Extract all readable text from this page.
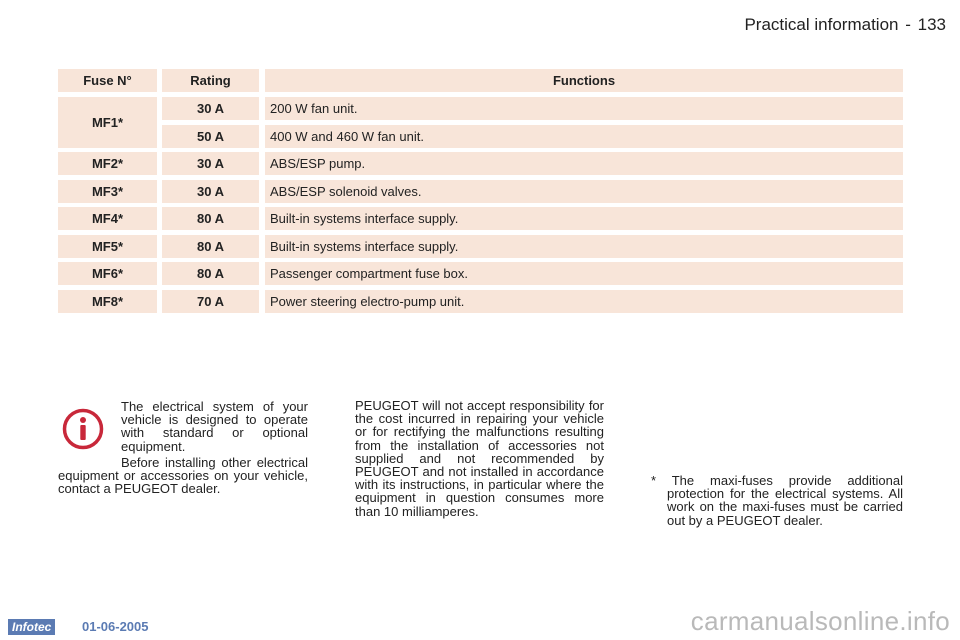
Practical information - 133
Fuse N°	Rating	Functions
MF1*
30 A	200 W fan unit.
50 A	400 W and 460 W fan unit.
MF2*	30 A	ABS/ESP pump.
MF3*	30 A	ABS/ESP solenoid valves.
MF4*	80 A	Built-in systems interface supply.
MF5*	80 A	Built-in systems interface supply.
MF6*	80 A	Passenger compartment fuse box.
MF8*	70 A	Power steering electro-pump unit.

The electrical system of your vehicle is designed to operate with standard or optional equipment.

Before installing other electrical equipment or accessories on your vehicle, contact a PEUGEOT dealer.

PEUGEOT will not accept responsibility for the cost incurred in repairing your vehicle or for rectifying the malfunctions resulting from the installation of accessories not supplied and not recommended by PEUGEOT and not installed in accordance with its instructions, in particular where the equipment in question consumes more than 10 milliamperes.

* The maxi-fuses provide additional protection for the electrical systems. All work on the maxi-fuses must be carried out by a PEUGEOT dealer.

Infotec	01-06-2005	carmanualsonline.info
